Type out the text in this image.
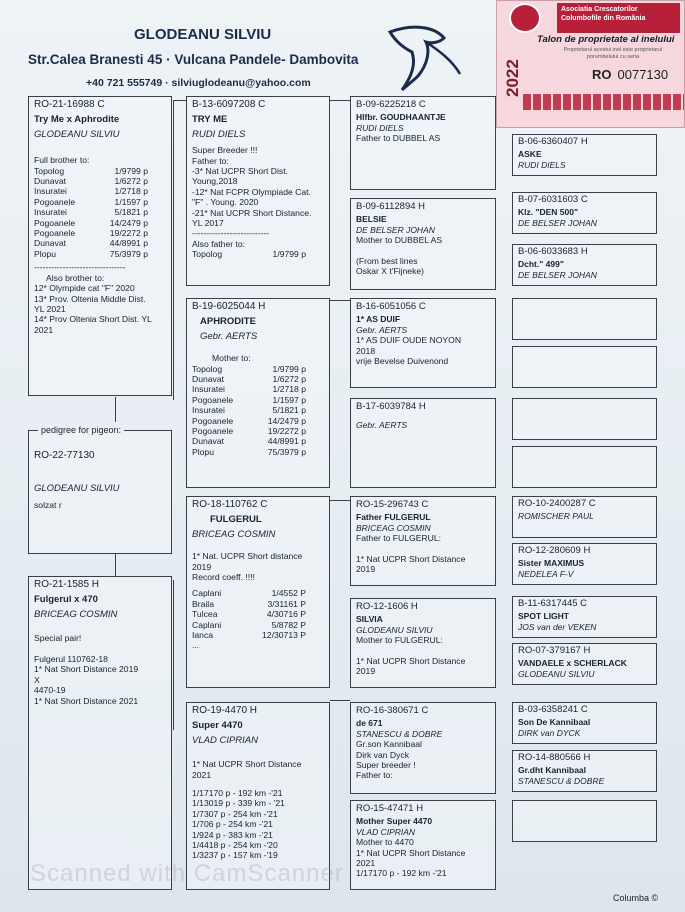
GLODEANU SILVIU
Str.Calea Branesti 45 · Vulcana Pandele- Dambovita
+40 721 555749 · silviuglodeanu@yahoo.com
Asociatia Crescatorilor
Columbofile din România
2022
Talon de proprietate al inelului
Proprietarul acestui inel este proprietarul porumbelului cu seria
RO 0077130
RO-21-16988 C
Try Me x Aphrodite
GLODEANU SILVIU
Full brother to:
Topolog	1/9799 p
Dunavat	1/6272 p
Insuratei	1/2718 p
Pogoanele	1/1597 p
Insuratei	5/1821 p
Pogoanele	14/2479 p
Pogoanele	19/2272 p
Dunavat	44/8991 p
Plopu	75/3979 p
--------------------------------
Also brother to:
12* Olympide cat "F" 2020
13* Prov. Oltenia Middle Dist.
YL 2021
14* Prov Oltenia Short Dist. YL
2021
RO-22-77130
GLODEANU SILVIU
solzat r
pedigree for pigeon:
RO-21-1585 H
Fulgerul x 470
BRICEAG COSMIN
Special pair!

Fulgerul 110762-18
1* Nat Short Distance 2019
X
4470-19
1* Nat Short Distance 2021
B-13-6097208 C
TRY ME
RUDI DIELS
Super Breeder !!!
Father to:
-3* Nat UCPR Short Dist.
Young,2018
-12* Nat FCPR Olympiade Cat.
"F" . Young. 2020
-21* Nat UCPR Short Distance.
YL 2017
---------------------------
Also father to:
Topolog	1/9799 p
B-19-6025044 H
APHRODITE
Gebr. AERTS
Mother to:
Topolog	1/9799 p
Dunavat	1/6272 p
Insuratei	1/2718 p
Pogoanele	1/1597 p
Insuratei	5/1821 p
Pogoanele	14/2479 p
Pogoanele	19/2272 p
Dunavat	44/8991 p
Plopu	75/3979 p
RO-18-110762 C
FULGERUL
BRICEAG COSMIN
1* Nat. UCPR Short distance
2019
Record coeff. !!!!
Caplani	1/4552 P
Braila	3/31161 P
Tulcea	4/30716 P
Caplani	5/8782 P
Ianca	12/30713 P
...
RO-19-4470 H
Super 4470
VLAD CIPRIAN
1* Nat UCPR Short Distance
2021
1/17170 p - 192 km -'21
1/13019 p - 339 km - '21
1/7307 p - 254 km -'21
1/706 p - 254 km -'21
1/924 p - 383 km -'21
1/4418 p - 254 km -'20
1/3237 p - 157 km -'19
B-09-6225218 C
Hlfbr. GOUDHAANTJE
RUDI DIELS
Father to DUBBEL AS
B-09-6112894 H
BELSIE
DE BELSER JOHAN
Mother to DUBBEL AS

(From best lines
Oskar X t'Fijneke)
B-16-6051056 C
1* AS DUIF
Gebr. AERTS
1* AS DUIF OUDE NOYON
2018
vrije Bevelse Duivenond
B-17-6039784 H
Gebr. AERTS
RO-15-296743 C
Father FULGERUL
BRICEAG COSMIN
Father to FULGERUL:

1* Nat UCPR Short Distance
2019
RO-12-1606 H
SILVIA
GLODEANU SILVIU
Mother to FULGERUL:

1* Nat UCPR Short Distance
2019
RO-16-380671 C
de 671
STANESCU & DOBRE
Gr.son Kannibaal
Dirk van Dyck
Super breeder !
Father to:
RO-15-47471 H
Mother Super 4470
VLAD CIPRIAN
Mother to 4470
1* Nat UCPR Short Distance
2021
1/17170 p - 192 km -'21
B-06-6360407 H
ASKE
RUDI DIELS
B-07-6031603 C
Klz. "DEN 500"
DE BELSER JOHAN
B-06-6033683 H
Dcht." 499"
DE BELSER JOHAN
RO-10-2400287 C
ROMISCHER PAUL
RO-12-280609 H
Sister MAXIMUS
NEDELEA F-V
B-11-6317445 C
SPOT LIGHT
JOS van der VEKEN
RO-07-379167 H
VANDAELE x SCHERLACK
GLODEANU SILVIU
B-03-6358241 C
Son De Kannibaal
DIRK van DYCK
RO-14-880566 H
Gr.dht Kannibaal
STANESCU & DOBRE
Scanned with CamScanner
Columba ©
